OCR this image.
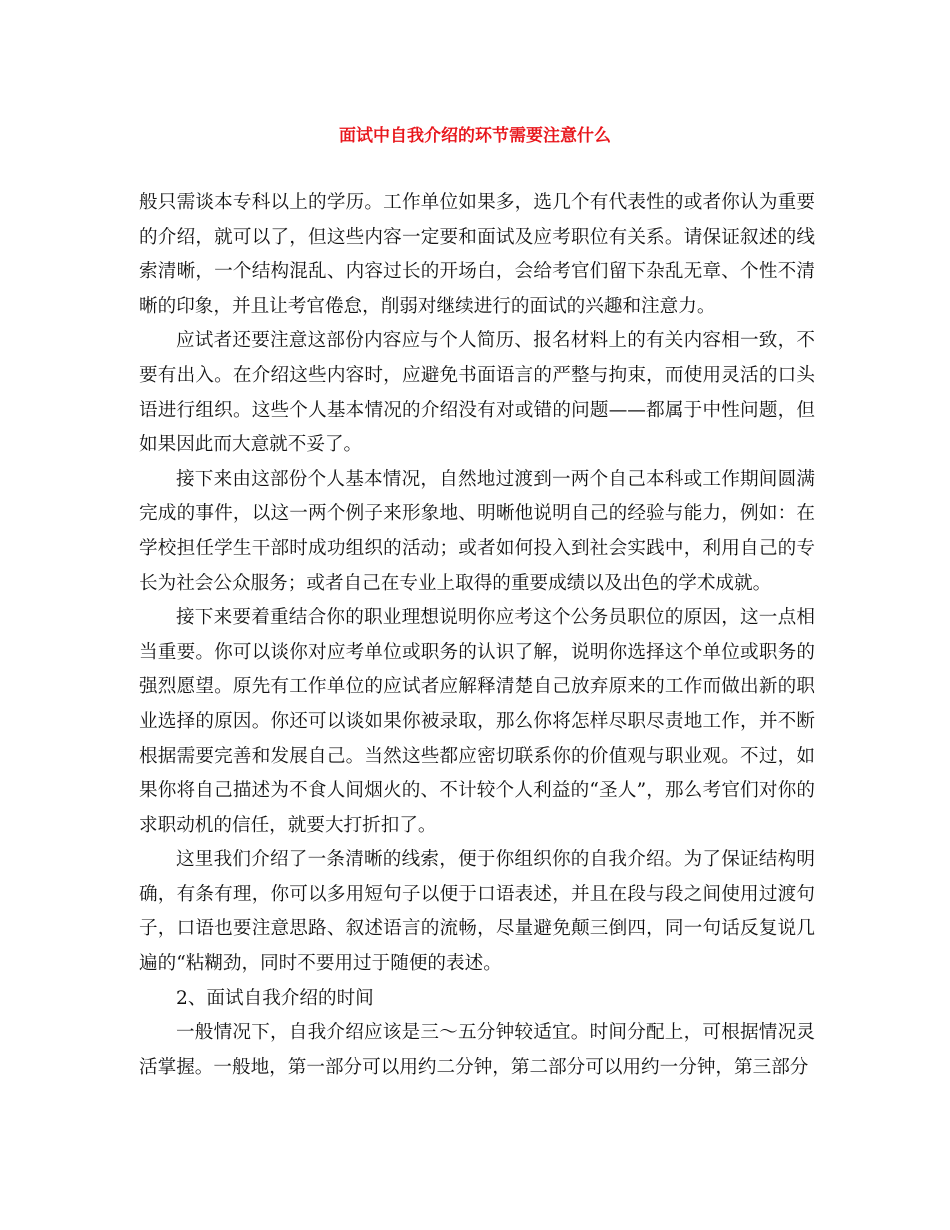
面试中自我介绍的环节需要注意什么

般只需谈本专科以上的学历。工作单位如果多，选几个有代表性的或者你认为重要的介绍，就可以了，但这些内容一定要和面试及应考职位有关系。请保证叙述的线索清晰，一个结构混乱、内容过长的开场白，会给考官们留下杂乱无章、个性不清晰的印象，并且让考官倦怠，削弱对继续进行的面试的兴趣和注意力。

应试者还要注意这部份内容应与个人简历、报名材料上的有关内容相一致，不要有出入。在介绍这些内容时，应避免书面语言的严整与拘束，而使用灵活的口头语进行组织。这些个人基本情况的介绍没有对或错的问题——都属于中性问题，但如果因此而大意就不妥了。

接下来由这部份个人基本情况，自然地过渡到一两个自己本科或工作期间圆满完成的事件，以这一两个例子来形象地、明晰他说明自己的经验与能力，例如：在学校担任学生干部时成功组织的活动；或者如何投入到社会实践中，利用自己的专长为社会公众服务；或者自己在专业上取得的重要成绩以及出色的学术成就。

接下来要着重结合你的职业理想说明你应考这个公务员职位的原因，这一点相当重要。你可以谈你对应考单位或职务的认识了解，说明你选择这个单位或职务的强烈愿望。原先有工作单位的应试者应解释清楚自己放弃原来的工作而做出新的职业选择的原因。你还可以谈如果你被录取，那么你将怎样尽职尽责地工作，并不断根据需要完善和发展自己。当然这些都应密切联系你的价值观与职业观。不过，如果你将自己描述为不食人间烟火的、不计较个人利益的“圣人”，那么考官们对你的求职动机的信任，就要大打折扣了。

这里我们介绍了一条清晰的线索，便于你组织你的自我介绍。为了保证结构明确，有条有理，你可以多用短句子以便于口语表述，并且在段与段之间使用过渡句子，口语也要注意思路、叙述语言的流畅，尽量避免颠三倒四，同一句话反复说几遍的“粘糊劲，同时不要用过于随便的表述。

2、面试自我介绍的时间

一般情况下，自我介绍应该是三～五分钟较适宜。时间分配上，可根据情况灵活掌握。一般地，第一部分可以用约二分钟，第二部分可以用约一分钟，第三部分
